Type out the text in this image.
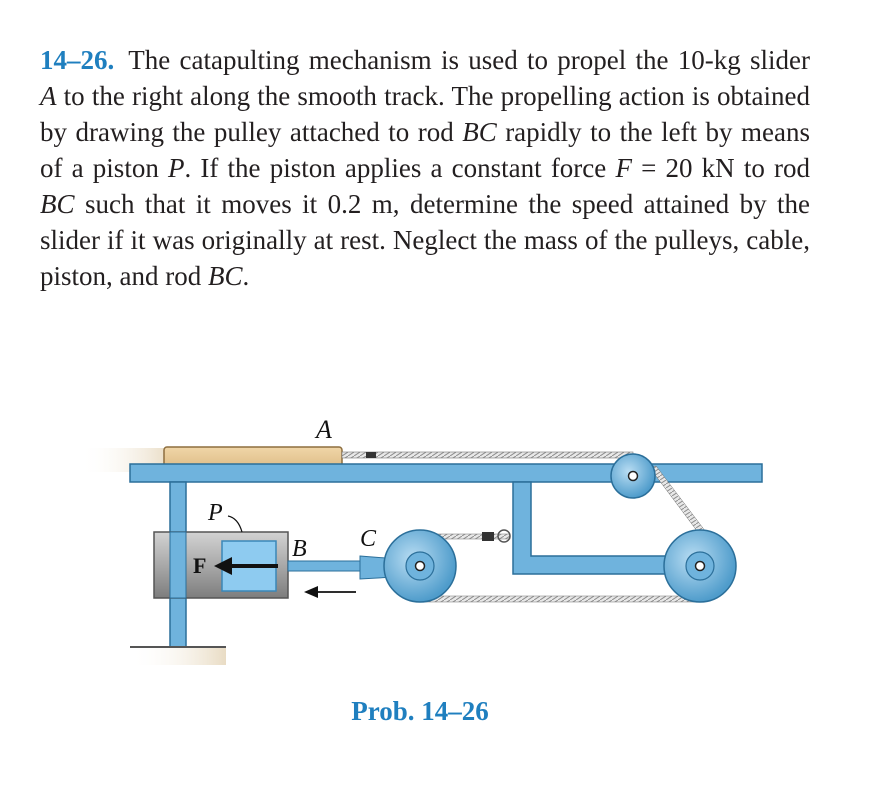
14–26. The catapulting mechanism is used to propel the 10-kg slider A to the right along the smooth track. The propelling action is obtained by drawing the pulley attached to rod BC rapidly to the left by means of a piston P. If the piston applies a constant force F = 20 kN to rod BC such that it moves it 0.2 m, determine the speed attained by the slider if it was originally at rest. Neglect the mass of the pulleys, cable, piston, and rod BC.

A
P
B C
F
Prob. 14–26
